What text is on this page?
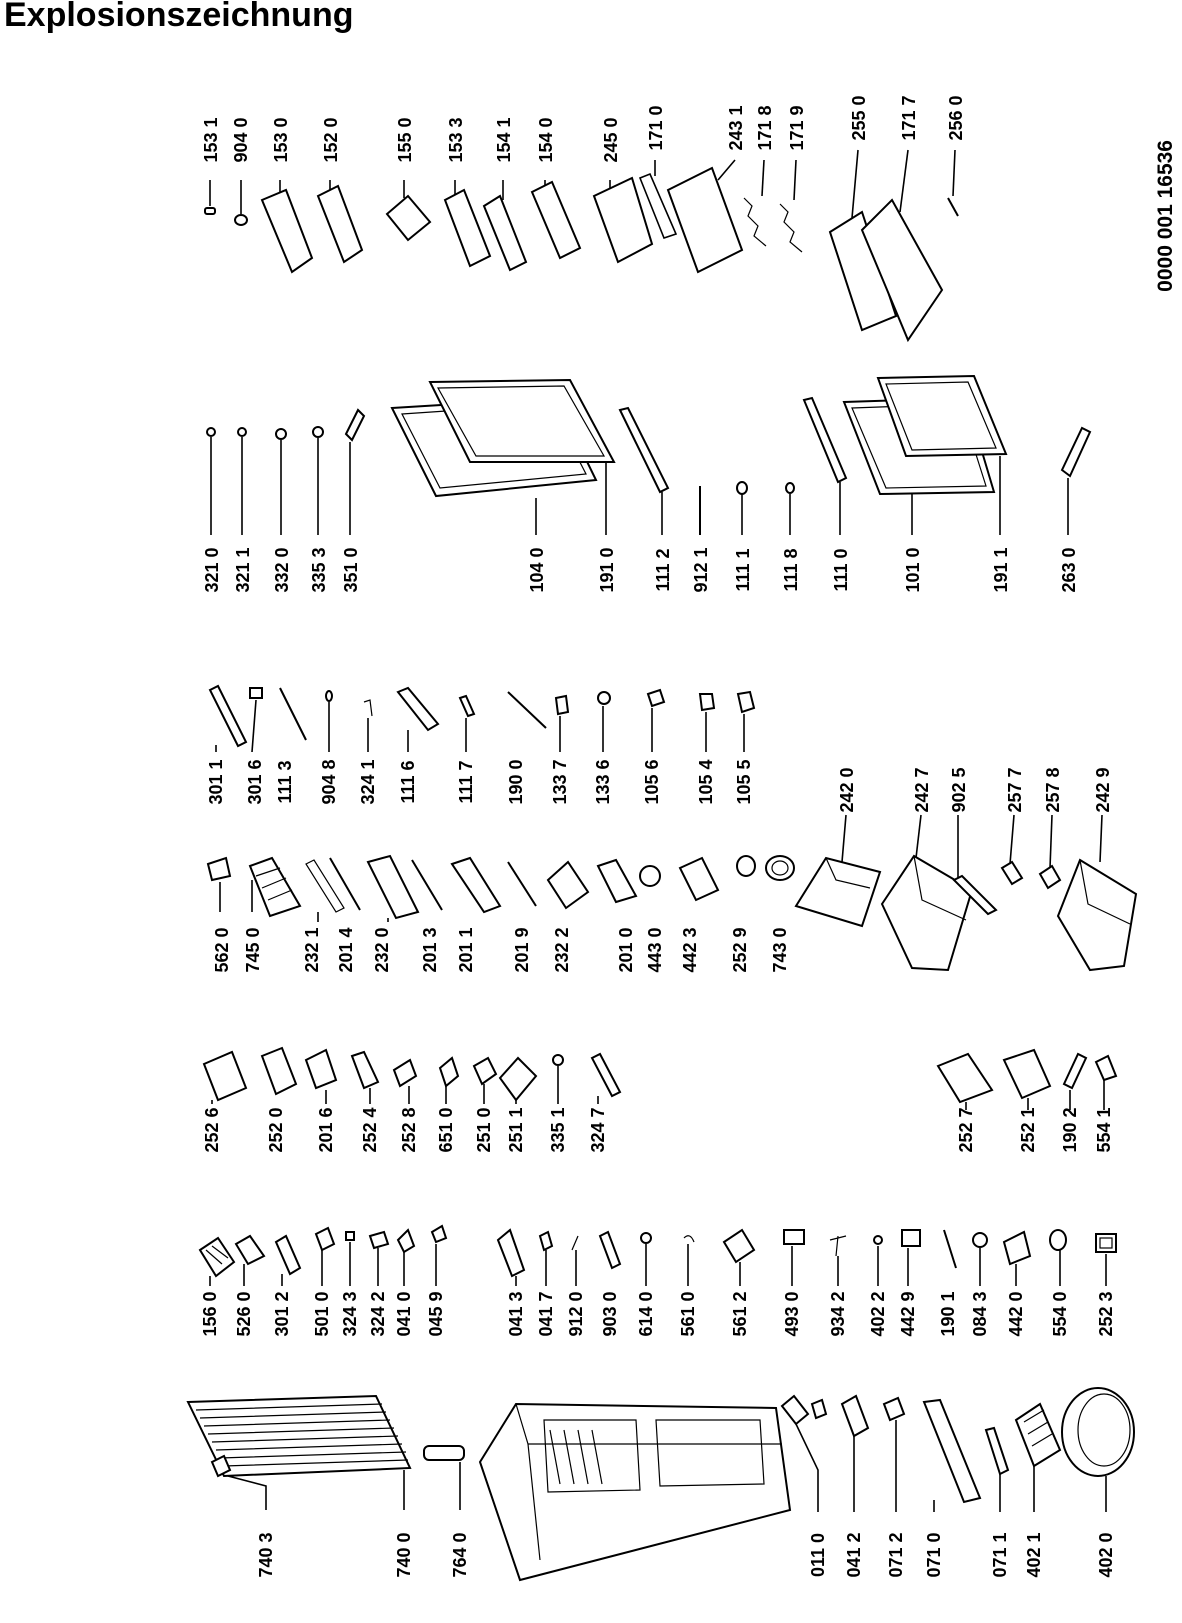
Explosionszeichnung
0000 001 16536
153 1 904 0 153 0 152 0	155 0 153 3 154 1 154 0	245 0 171 0	243 1 171 8 171 9 255 0 171 7 256 0
321 0 321 1 332 0 335 3 351 0	104 0	191 0 111 2 912 1 111 1 111 8 111 0	101 0	191 1	263 0
301 1 301 6 111 3 904 8 324 1 111 6 111 7 190 0 133 7 133 6 105 6 105 4 105 5	242 0	242 7 902 5 257 7 257 8 242 9
562 0 745 0 232 1 201 4 232 0 201 3 201 1 201 9 232 2 201 0 443 0 442 3 252 9 743 0
252 6 252 0 201 6 252 4 252 8 651 0 251 0 251 1 335 1 324 7	252 7 252 1 190 2 554 1
156 0 526 0 301 2 501 0 324 3 324 2 041 0 045 9	041 3 041 7 912 0 903 0 614 0 561 0 561 2 493 0 934 2 402 2 442 9 190 1 084 3 442 0 554 0 252 3
740 3	740 0 764 0	011 0 041 2 071 2 071 0	071 1 402 1	402 0
